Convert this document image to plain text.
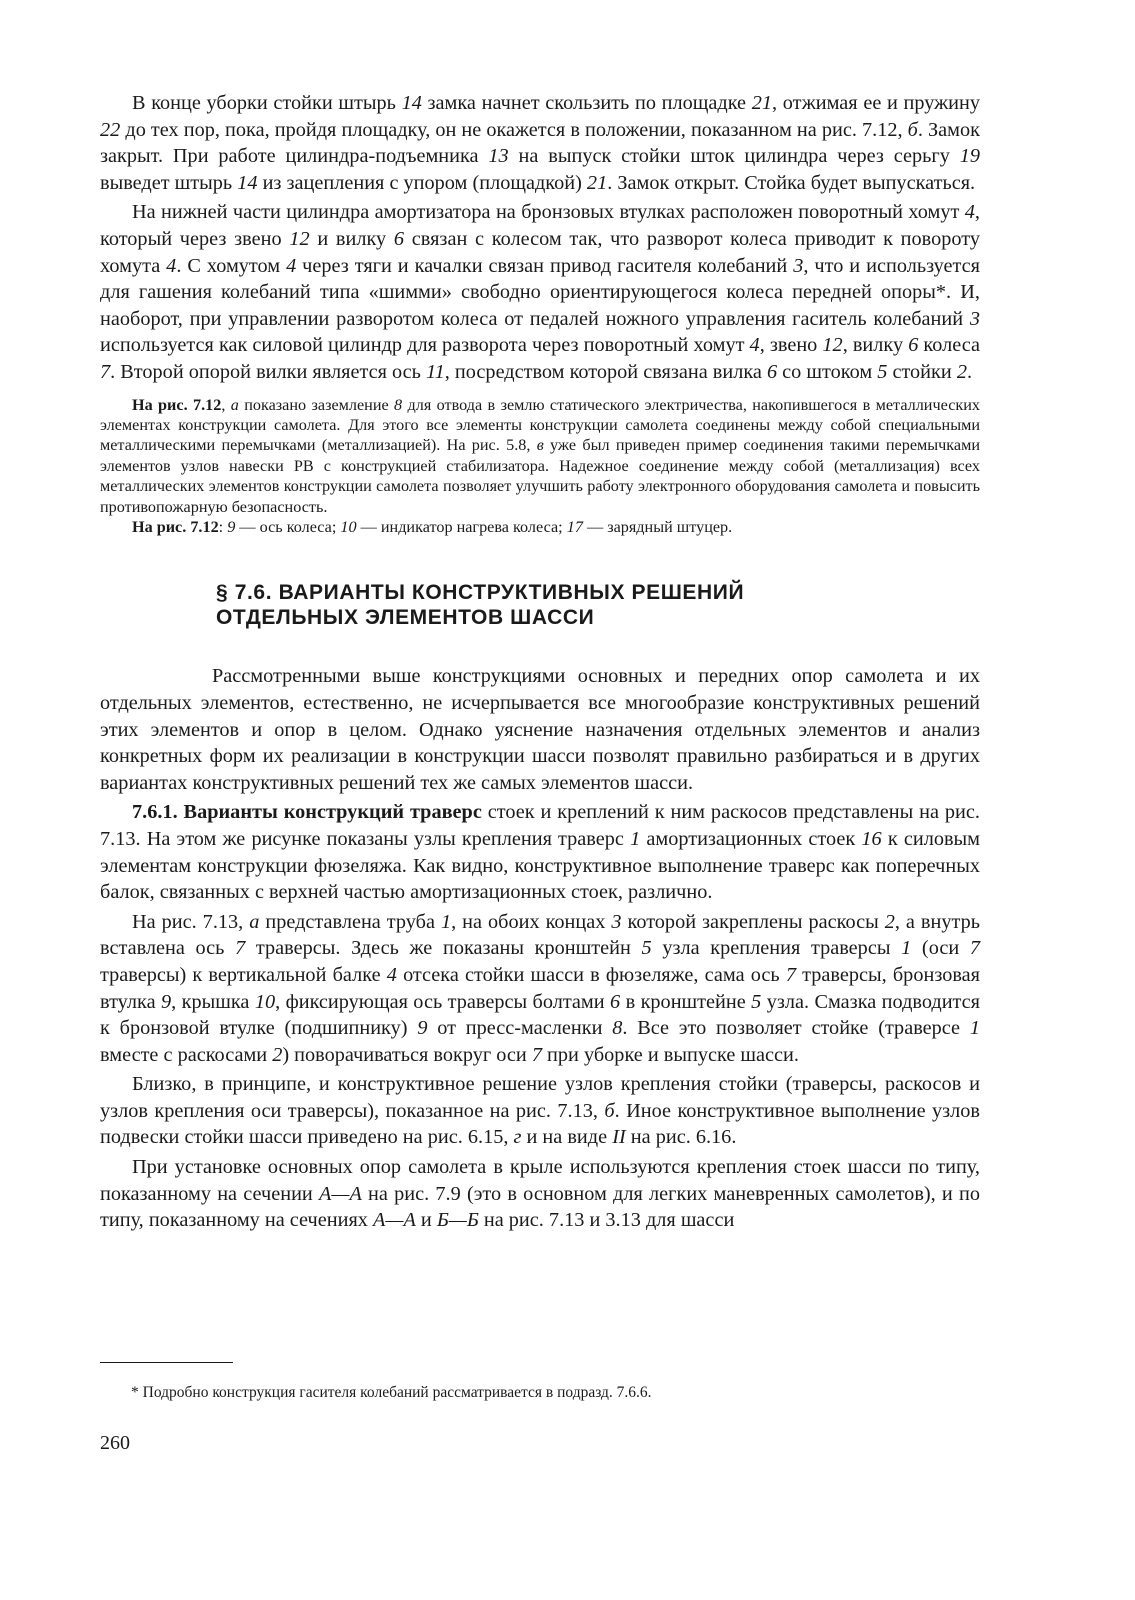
В конце уборки стойки штырь 14 замка начнет скользить по площадке 21, отжимая ее и пружину 22 до тех пор, пока, пройдя площадку, он не окажется в положении, показанном на рис. 7.12, б. Замок закрыт. При работе цилиндра-подъемника 13 на выпуск стойки шток цилиндра через серьгу 19 выведет штырь 14 из зацепления с упором (площадкой) 21. Замок открыт. Стойка будет выпускаться.

На нижней части цилиндра амортизатора на бронзовых втулках расположен поворотный хомут 4, который через звено 12 и вилку 6 связан с колесом так, что разворот колеса приводит к повороту хомута 4. С хомутом 4 через тяги и качалки связан привод гасителя колебаний 3, что и используется для гашения колебаний типа «шимми» свободно ориентирующегося колеса передней опоры*. И, наоборот, при управлении разворотом колеса от педалей ножного управления гаситель колебаний 3 используется как силовой цилиндр для разворота через поворотный хомут 4, звено 12, вилку 6 колеса 7. Второй опорой вилки является ось 11, посредством которой связана вилка 6 со штоком 5 стойки 2.

На рис. 7.12, а показано заземление 8 для отвода в землю статического электричества, накопившегося в металлических элементах конструкции самолета. Для этого все элементы конструкции самолета соединены между собой специальными металлическими перемычками (металлизацией). На рис. 5.8, в уже был приведен пример соединения такими перемычками элементов узлов навески РВ с конструкцией стабилизатора. Надежное соединение между собой (металлизация) всех металлических элементов конструкции самолета позволяет улучшить работу электронного оборудования самолета и повысить противопожарную безопасность.

На рис. 7.12: 9 — ось колеса; 10 — индикатор нагрева колеса; 17 — зарядный штуцер.

§ 7.6. ВАРИАНТЫ КОНСТРУКТИВНЫХ РЕШЕНИЙ
ОТДЕЛЬНЫХ ЭЛЕМЕНТОВ ШАССИ

Рассмотренными выше конструкциями основных и передних опор самолета и их отдельных элементов, естественно, не исчерпывается все многообразие конструктивных решений этих элементов и опор в целом. Однако уяснение назначения отдельных элементов и анализ конкретных форм их реализации в конструкции шасси позволят правильно разбираться и в других вариантах конструктивных решений тех же самых элементов шасси.

7.6.1. Варианты конструкций траверс стоек и креплений к ним раскосов представлены на рис. 7.13. На этом же рисунке показаны узлы крепления траверс 1 амортизационных стоек 16 к силовым элементам конструкции фюзеляжа. Как видно, конструктивное выполнение траверс как поперечных балок, связанных с верхней частью амортизационных стоек, различно.

На рис. 7.13, а представлена труба 1, на обоих концах 3 которой закреплены раскосы 2, а внутрь вставлена ось 7 траверсы. Здесь же показаны кронштейн 5 узла крепления траверсы 1 (оси 7 траверсы) к вертикальной балке 4 отсека стойки шасси в фюзеляже, сама ось 7 траверсы, бронзовая втулка 9, крышка 10, фиксирующая ось траверсы болтами 6 в кронштейне 5 узла. Смазка подводится к бронзовой втулке (подшипнику) 9 от пресс-масленки 8. Все это позволяет стойке (траверсе 1 вместе с раскосами 2) поворачиваться вокруг оси 7 при уборке и выпуске шасси.

Близко, в принципе, и конструктивное решение узлов крепления стойки (траверсы, раскосов и узлов крепления оси траверсы), показанное на рис. 7.13, б. Иное конструктивное выполнение узлов подвески стойки шасси приведено на рис. 6.15, г и на виде II на рис. 6.16.

При установке основных опор самолета в крыле используются крепления стоек шасси по типу, показанному на сечении А—А на рис. 7.9 (это в основном для легких маневренных самолетов), и по типу, показанному на сечениях А—А и Б—Б на рис. 7.13 и 3.13 для шасси

* Подробно конструкция гасителя колебаний рассматривается в подразд. 7.6.6.
260
